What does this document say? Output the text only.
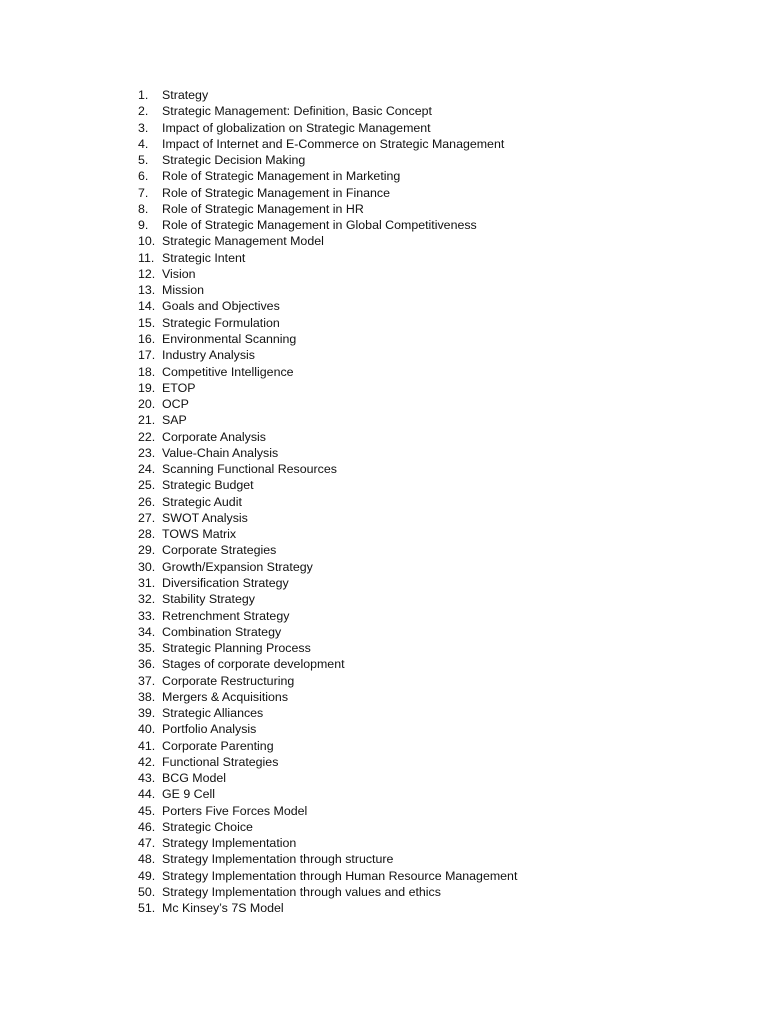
1.	Strategy
2.	Strategic Management: Definition, Basic Concept
3.	Impact of globalization on Strategic Management
4.	Impact of Internet and E-Commerce on Strategic Management
5.	Strategic Decision Making
6.	Role of Strategic Management in Marketing
7.	Role of Strategic Management in Finance
8.	Role of Strategic Management in HR
9.	Role of Strategic Management in Global Competitiveness
10. Strategic Management Model
11. Strategic Intent
12. Vision
13. Mission
14. Goals and Objectives
15. Strategic Formulation
16. Environmental Scanning
17. Industry Analysis
18. Competitive Intelligence
19. ETOP
20. OCP
21. SAP
22. Corporate Analysis
23. Value-Chain Analysis
24. Scanning Functional Resources
25. Strategic Budget
26. Strategic Audit
27. SWOT Analysis
28. TOWS Matrix
29. Corporate Strategies
30. Growth/Expansion Strategy
31. Diversification Strategy
32. Stability Strategy
33. Retrenchment Strategy
34. Combination Strategy
35. Strategic Planning Process
36. Stages of corporate development
37. Corporate Restructuring
38. Mergers & Acquisitions
39. Strategic Alliances
40. Portfolio Analysis
41. Corporate Parenting
42. Functional Strategies
43. BCG Model
44. GE 9 Cell
45. Porters Five Forces Model
46. Strategic Choice
47. Strategy Implementation
48. Strategy Implementation through structure
49. Strategy Implementation through Human Resource Management
50. Strategy Implementation through values and ethics
51. Mc Kinsey’s 7S Model
